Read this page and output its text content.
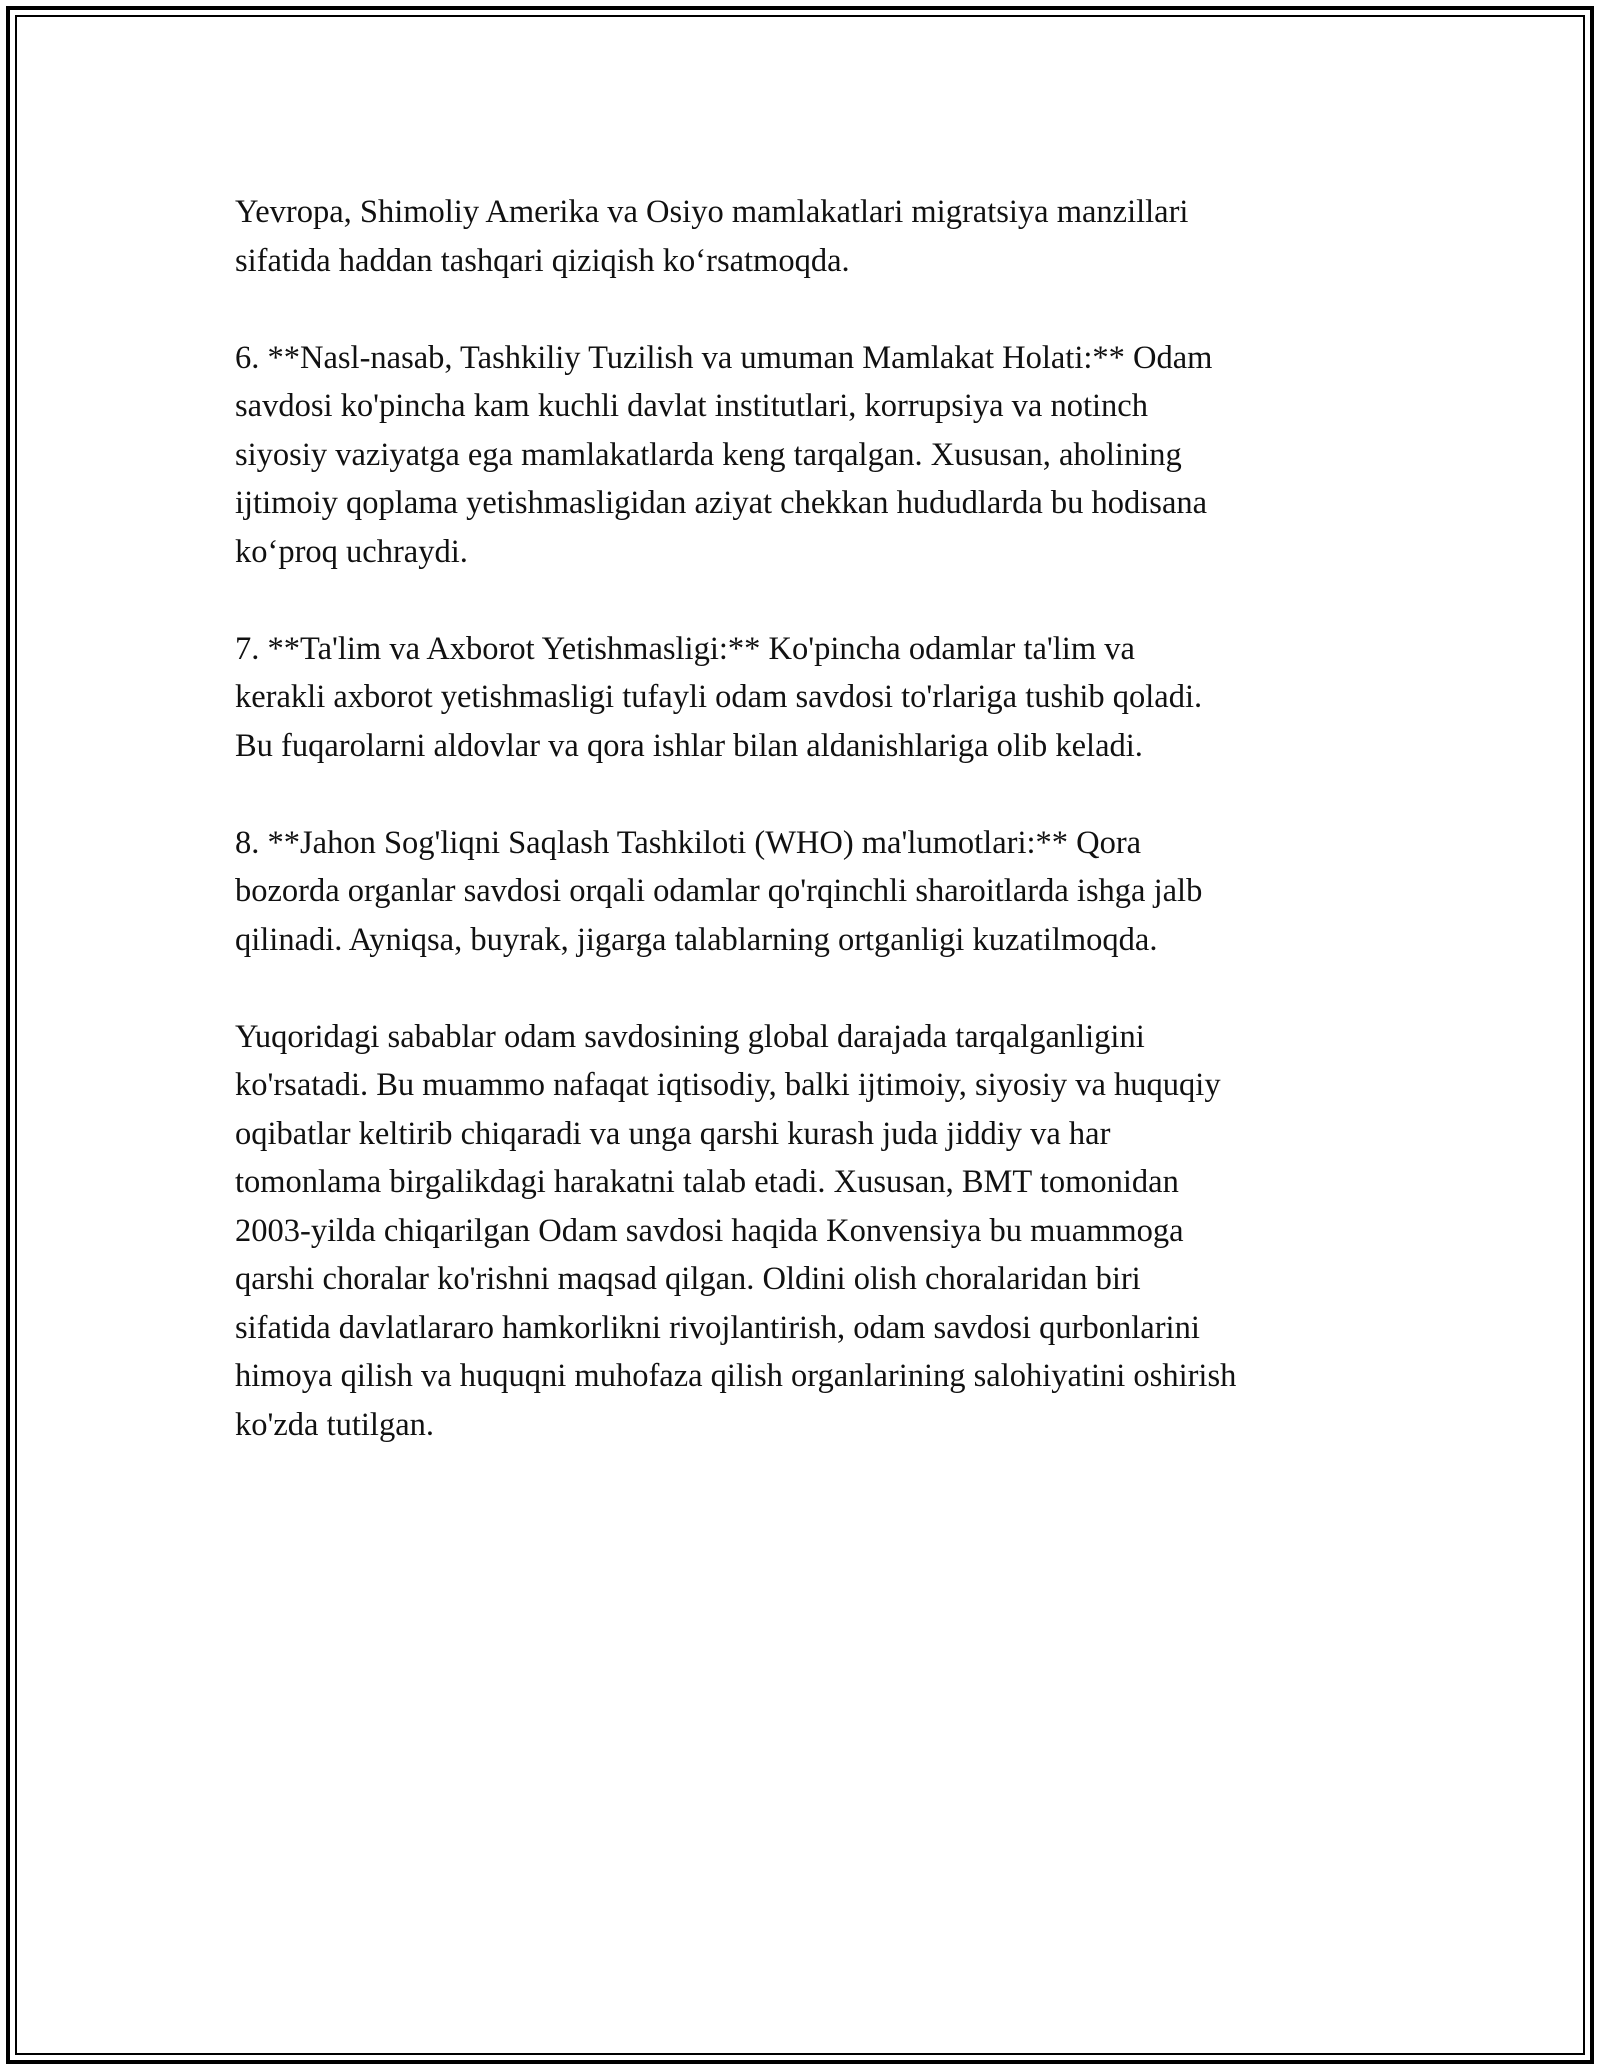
Yevropa, Shimoliy Amerika va Osiyo mamlakatlari migratsiya manzillari
sifatida haddan tashqari qiziqish ko‘rsatmoqda.

6. **Nasl-nasab, Tashkiliy Tuzilish va umuman Mamlakat Holati:** Odam
savdosi ko'pincha kam kuchli davlat institutlari, korrupsiya va notinch
siyosiy vaziyatga ega mamlakatlarda keng tarqalgan. Xususan, aholining
ijtimoiy qoplama yetishmasligidan aziyat chekkan hududlarda bu hodisana
ko‘proq uchraydi.

7. **Ta'lim va Axborot Yetishmasligi:** Ko'pincha odamlar ta'lim va
kerakli axborot yetishmasligi tufayli odam savdosi to'rlariga tushib qoladi.
Bu fuqarolarni aldovlar va qora ishlar bilan aldanishlariga olib keladi.

8. **Jahon Sog'liqni Saqlash Tashkiloti (WHO) ma'lumotlari:** Qora
bozorda organlar savdosi orqali odamlar qo'rqinchli sharoitlarda ishga jalb
qilinadi. Ayniqsa, buyrak, jigarga talablarning ortganligi kuzatilmoqda.

Yuqoridagi sabablar odam savdosining global darajada tarqalganligini
ko'rsatadi. Bu muammo nafaqat iqtisodiy, balki ijtimoiy, siyosiy va huquqiy
oqibatlar keltirib chiqaradi va unga qarshi kurash juda jiddiy va har
tomonlama birgalikdagi harakatni talab etadi. Xususan, BMT tomonidan
2003-yilda chiqarilgan Odam savdosi haqida Konvensiya bu muammoga
qarshi choralar ko'rishni maqsad qilgan. Oldini olish choralaridan biri
sifatida davlatlararo hamkorlikni rivojlantirish, odam savdosi qurbonlarini
himoya qilish va huquqni muhofaza qilish organlarining salohiyatini oshirish
ko'zda tutilgan.
